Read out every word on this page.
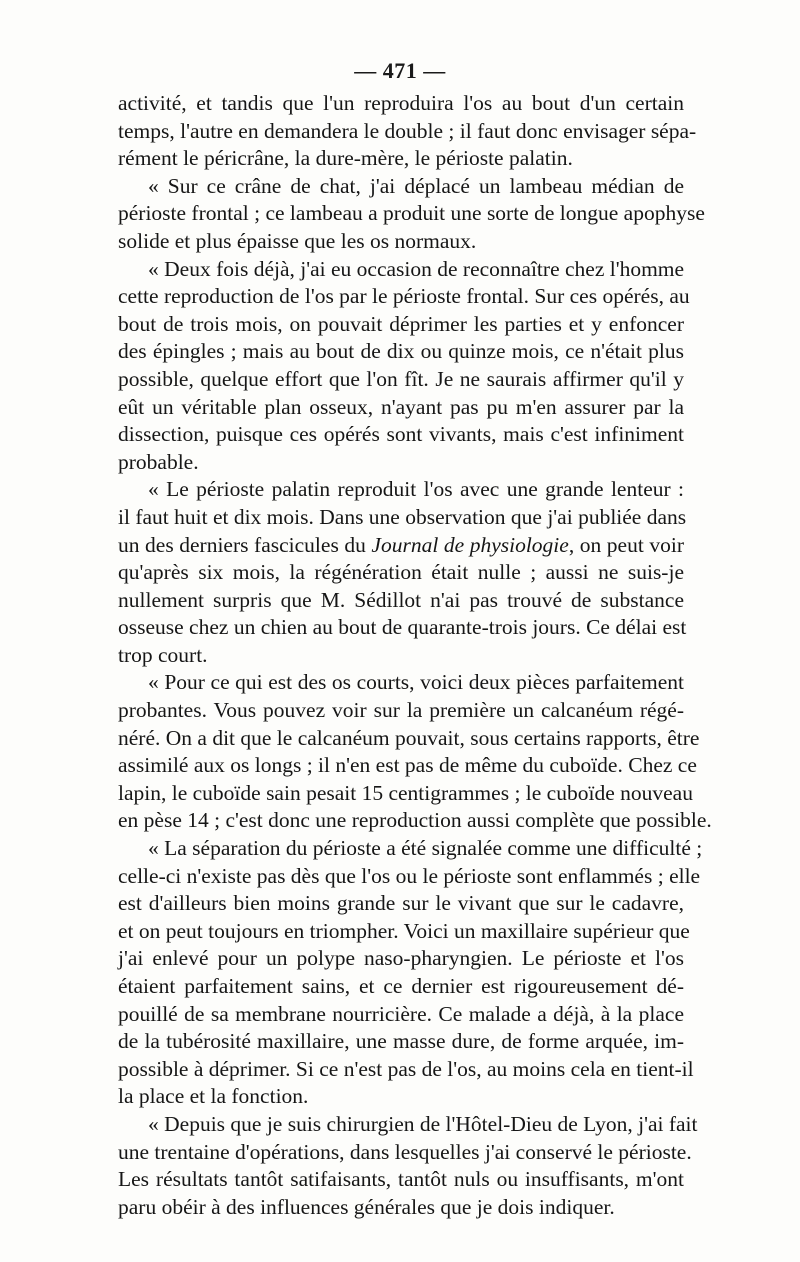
— 471 —
activité, et tandis que l'un reproduira l'os au bout d'un certain
temps, l'autre en demandera le double ; il faut donc envisager sépa-
rément le péricrâne, la dure-mère, le périoste palatin.
« Sur ce crâne de chat, j'ai déplacé un lambeau médian de
périoste frontal ; ce lambeau a produit une sorte de longue apophyse
solide et plus épaisse que les os normaux.
« Deux fois déjà, j'ai eu occasion de reconnaître chez l'homme
cette reproduction de l'os par le périoste frontal. Sur ces opérés, au
bout de trois mois, on pouvait déprimer les parties et y enfoncer
des épingles ; mais au bout de dix ou quinze mois, ce n'était plus
possible, quelque effort que l'on fît. Je ne saurais affirmer qu'il y
eût un véritable plan osseux, n'ayant pas pu m'en assurer par la
dissection, puisque ces opérés sont vivants, mais c'est infiniment
probable.
« Le périoste palatin reproduit l'os avec une grande lenteur :
il faut huit et dix mois. Dans une observation que j'ai publiée dans
un des derniers fascicules du Journal de physiologie, on peut voir
qu'après six mois, la régénération était nulle ; aussi ne suis-je
nullement surpris que M. Sédillot n'ai pas trouvé de substance
osseuse chez un chien au bout de quarante-trois jours. Ce délai est
trop court.
« Pour ce qui est des os courts, voici deux pièces parfaitement
probantes. Vous pouvez voir sur la première un calcanéum régé-
néré. On a dit que le calcanéum pouvait, sous certains rapports, être
assimilé aux os longs ; il n'en est pas de même du cuboïde. Chez ce
lapin, le cuboïde sain pesait 15 centigrammes ; le cuboïde nouveau
en pèse 14 ; c'est donc une reproduction aussi complète que possible.
« La séparation du périoste a été signalée comme une difficulté ;
celle-ci n'existe pas dès que l'os ou le périoste sont enflammés ; elle
est d'ailleurs bien moins grande sur le vivant que sur le cadavre,
et on peut toujours en triompher. Voici un maxillaire supérieur que
j'ai enlevé pour un polype naso-pharyngien. Le périoste et l'os
étaient parfaitement sains, et ce dernier est rigoureusement dé-
pouillé de sa membrane nourricière. Ce malade a déjà, à la place
de la tubérosité maxillaire, une masse dure, de forme arquée, im-
possible à déprimer. Si ce n'est pas de l'os, au moins cela en tient-il
la place et la fonction.
« Depuis que je suis chirurgien de l'Hôtel-Dieu de Lyon, j'ai fait
une trentaine d'opérations, dans lesquelles j'ai conservé le périoste.
Les résultats tantôt satifaisants, tantôt nuls ou insuffisants, m'ont
paru obéir à des influences générales que je dois indiquer.
